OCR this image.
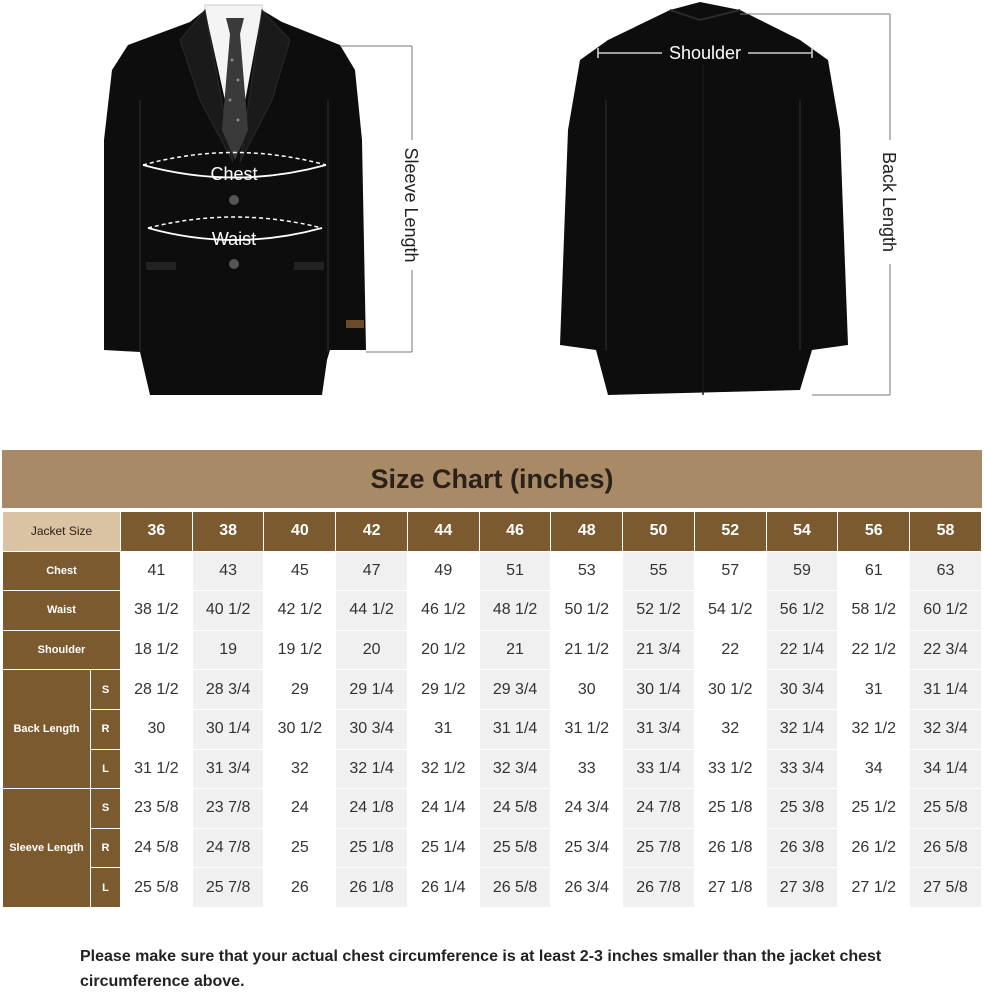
Chest
Waist	Sleeve Length
Shoulder
Back Length
Size Chart (inches)
Jacket Size		36	38	40	42	44	46	48	50	52	54	56	58
Chest		41	43	45	47	49	51	53	55	57	59	61	63
Waist		38 1/2	40 1/2	42 1/2	44 1/2	46 1/2	48 1/2	50 1/2	52 1/2	54 1/2	56 1/2	58 1/2	60 1/2
Shoulder		18 1/2	19	19 1/2	20	20 1/2	21	21 1/2	21 3/4	22	22 1/4	22 1/2	22 3/4
Back Length	S	28 1/2	28 3/4	29	29 1/4	29 1/2	29 3/4	30	30 1/4	30 1/2	30 3/4	31	31 1/4
	R	30	30 1/4	30 1/2	30 3/4	31	31 1/4	31 1/2	31 3/4	32	32 1/4	32 1/2	32 3/4
	L	31 1/2	31 3/4	32	32 1/4	32 1/2	32 3/4	33	33 1/4	33 1/2	33 3/4	34	34 1/4
Sleeve Length	S	23 5/8	23 7/8	24	24 1/8	24 1/4	24 5/8	24 3/4	24 7/8	25 1/8	25 3/8	25 1/2	25 5/8
	R	24 5/8	24 7/8	25	25 1/8	25 1/4	25 5/8	25 3/4	25 7/8	26 1/8	26 3/8	26 1/2	26 5/8
	L	25 5/8	25 7/8	26	26 1/8	26 1/4	26 5/8	26 3/4	26 7/8	27 1/8	27 3/8	27 1/2	27 5/8
Please make sure that your actual chest circumference is at least 2-3 inches smaller than the jacket chest circumference above.
